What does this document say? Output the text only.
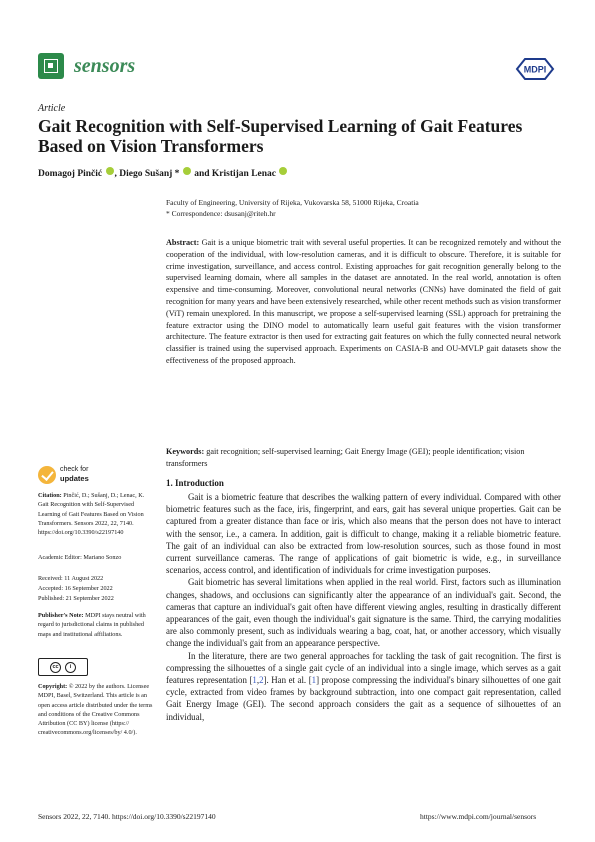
sensors	MDPI
Article
Gait Recognition with Self-Supervised Learning of Gait Features Based on Vision Transformers
Domagoj Pinčić , Diego Sušanj * and Kristijan Lenac
Faculty of Engineering, University of Rijeka, Vukovarska 58, 51000 Rijeka, Croatia
* Correspondence: dsusanj@riteh.hr
Abstract: Gait is a unique biometric trait with several useful properties. It can be recognized remotely and without the cooperation of the individual, with low-resolution cameras, and it is difficult to obscure. Therefore, it is suitable for crime investigation, surveillance, and access control. Existing approaches for gait recognition generally belong to the supervised learning domain, where all samples in the dataset are annotated. In the real world, annotation is often expensive and time-consuming. Moreover, convolutional neural networks (CNNs) have dominated the field of gait recognition for many years and have been extensively researched, while other recent methods such as vision transformer (ViT) remain unexplored. In this manuscript, we propose a self-supervised learning (SSL) approach for pretraining the feature extractor using the DINO model to automatically learn useful gait features with the vision transformer architecture. The feature extractor is then used for extracting gait features on which the fully connected neural network classifier is trained using the supervised approach. Experiments on CASIA-B and OU-MVLP gait datasets show the effectiveness of the proposed approach.
Keywords: gait recognition; self-supervised learning; Gait Energy Image (GEI); people identification; vision transformers
check for
updates
Citation: Pinčić, D.; Sušanj, D.; Lenac, K. Gait Recognition with Self-Supervised Learning of Gait Features Based on Vision Transformers. Sensors 2022, 22, 7140. https://doi.org/10.3390/s22197140
Academic Editor: Mariano Sonzo
Received: 11 August 2022
Accepted: 16 September 2022
Published: 21 September 2022
Publisher's Note: MDPI stays neutral with regard to jurisdictional claims in published maps and institutional affiliations.
cc	i
Copyright: © 2022 by the authors. Licensee MDPI, Basel, Switzerland. This article is an open access article distributed under the terms and conditions of the Creative Commons Attribution (CC BY) license (https:// creativecommons.org/licenses/by/ 4.0/).
1. Introduction

Gait is a biometric feature that describes the walking pattern of every individual. Compared with other biometric features such as the face, iris, fingerprint, and ears, gait has several unique properties. Gait can be captured from a greater distance than face or iris, which also means that the person does not have to interact with the sensor, i.e., a camera. In addition, gait is difficult to change, making it a reliable biometric feature. The gait of an individual can also be extracted from low-resolution sources, such as those found in most current surveillance cameras. The range of applications of gait biometric is wide, e.g., in surveillance scenarios, access control, and identification of individuals for crime investigation purposes.

Gait biometric has several limitations when applied in the real world. First, factors such as illumination changes, shadows, and occlusions can significantly alter the appearance of an individual's gait. Second, the cameras that capture an individual's gait often have different viewing angles, resulting in drastically different appearances of the gait, even though the individual's gait signature is the same. Third, the carrying modalities are also commonly present, such as individuals wearing a bag, coat, hat, or another accessory, which visually change the individual's gait from an appearance perspective.

In the literature, there are two general approaches for tackling the task of gait recognition. The first is compressing the silhouettes of a single gait cycle of an individual into a single image, which serves as a gait features representation [1,2]. Han et al. [1] propose compressing the individual's binary silhouettes of one gait cycle, extracted from video frames by background subtraction, into one compact gait representation, called Gait Energy Image (GEI). The second approach considers the gait as a sequence of silhouettes of an individual,

Sensors 2022, 22, 7140. https://doi.org/10.3390/s22197140	https://www.mdpi.com/journal/sensors
